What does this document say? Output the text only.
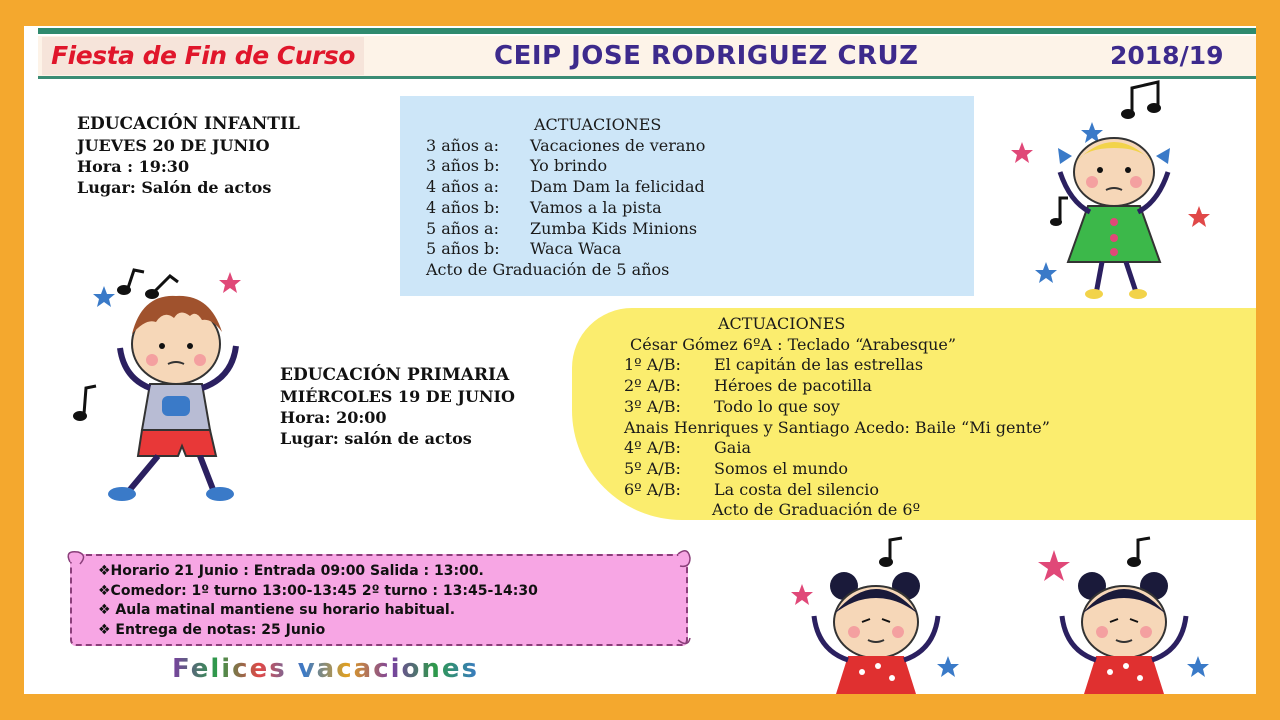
Fiesta de Fin de Curso	CEIP JOSE RODRIGUEZ CRUZ	2018/19
EDUCACIÓN INFANTIL
JUEVES 20 DE JUNIO
Hora : 19:30
Lugar: Salón de actos
ACTUACIONES
3 años a:	Vacaciones de verano
3 años b:	Yo brindo
4 años a:	Dam Dam la felicidad
4 años b:	Vamos a la pista
5 años a:	Zumba Kids Minions
5 años b:	Waca Waca
Acto de Graduación de 5 años
EDUCACIÓN PRIMARIA
MIÉRCOLES 19 DE JUNIO
Hora: 20:00
Lugar: salón de actos
ACTUACIONES
César Gómez 6ºA : Teclado “Arabesque”
1º A/B:	El capitán de las estrellas
2º A/B:	Héroes de pacotilla
3º A/B:	Todo lo que soy
Anais Henriques y Santiago Acedo: Baile “Mi gente”
4º A/B:	Gaia
5º A/B:	Somos el mundo
6º A/B:	La costa del silencio
Acto de Graduación de 6º
❖Horario 21 Junio : Entrada 09:00 Salida : 13:00.
❖Comedor: 1º turno 13:00-13:45 2º turno : 13:45-14:30
❖ Aula matinal mantiene su horario habitual.
❖ Entrega de notas: 25 Junio
Felices vacaciones
